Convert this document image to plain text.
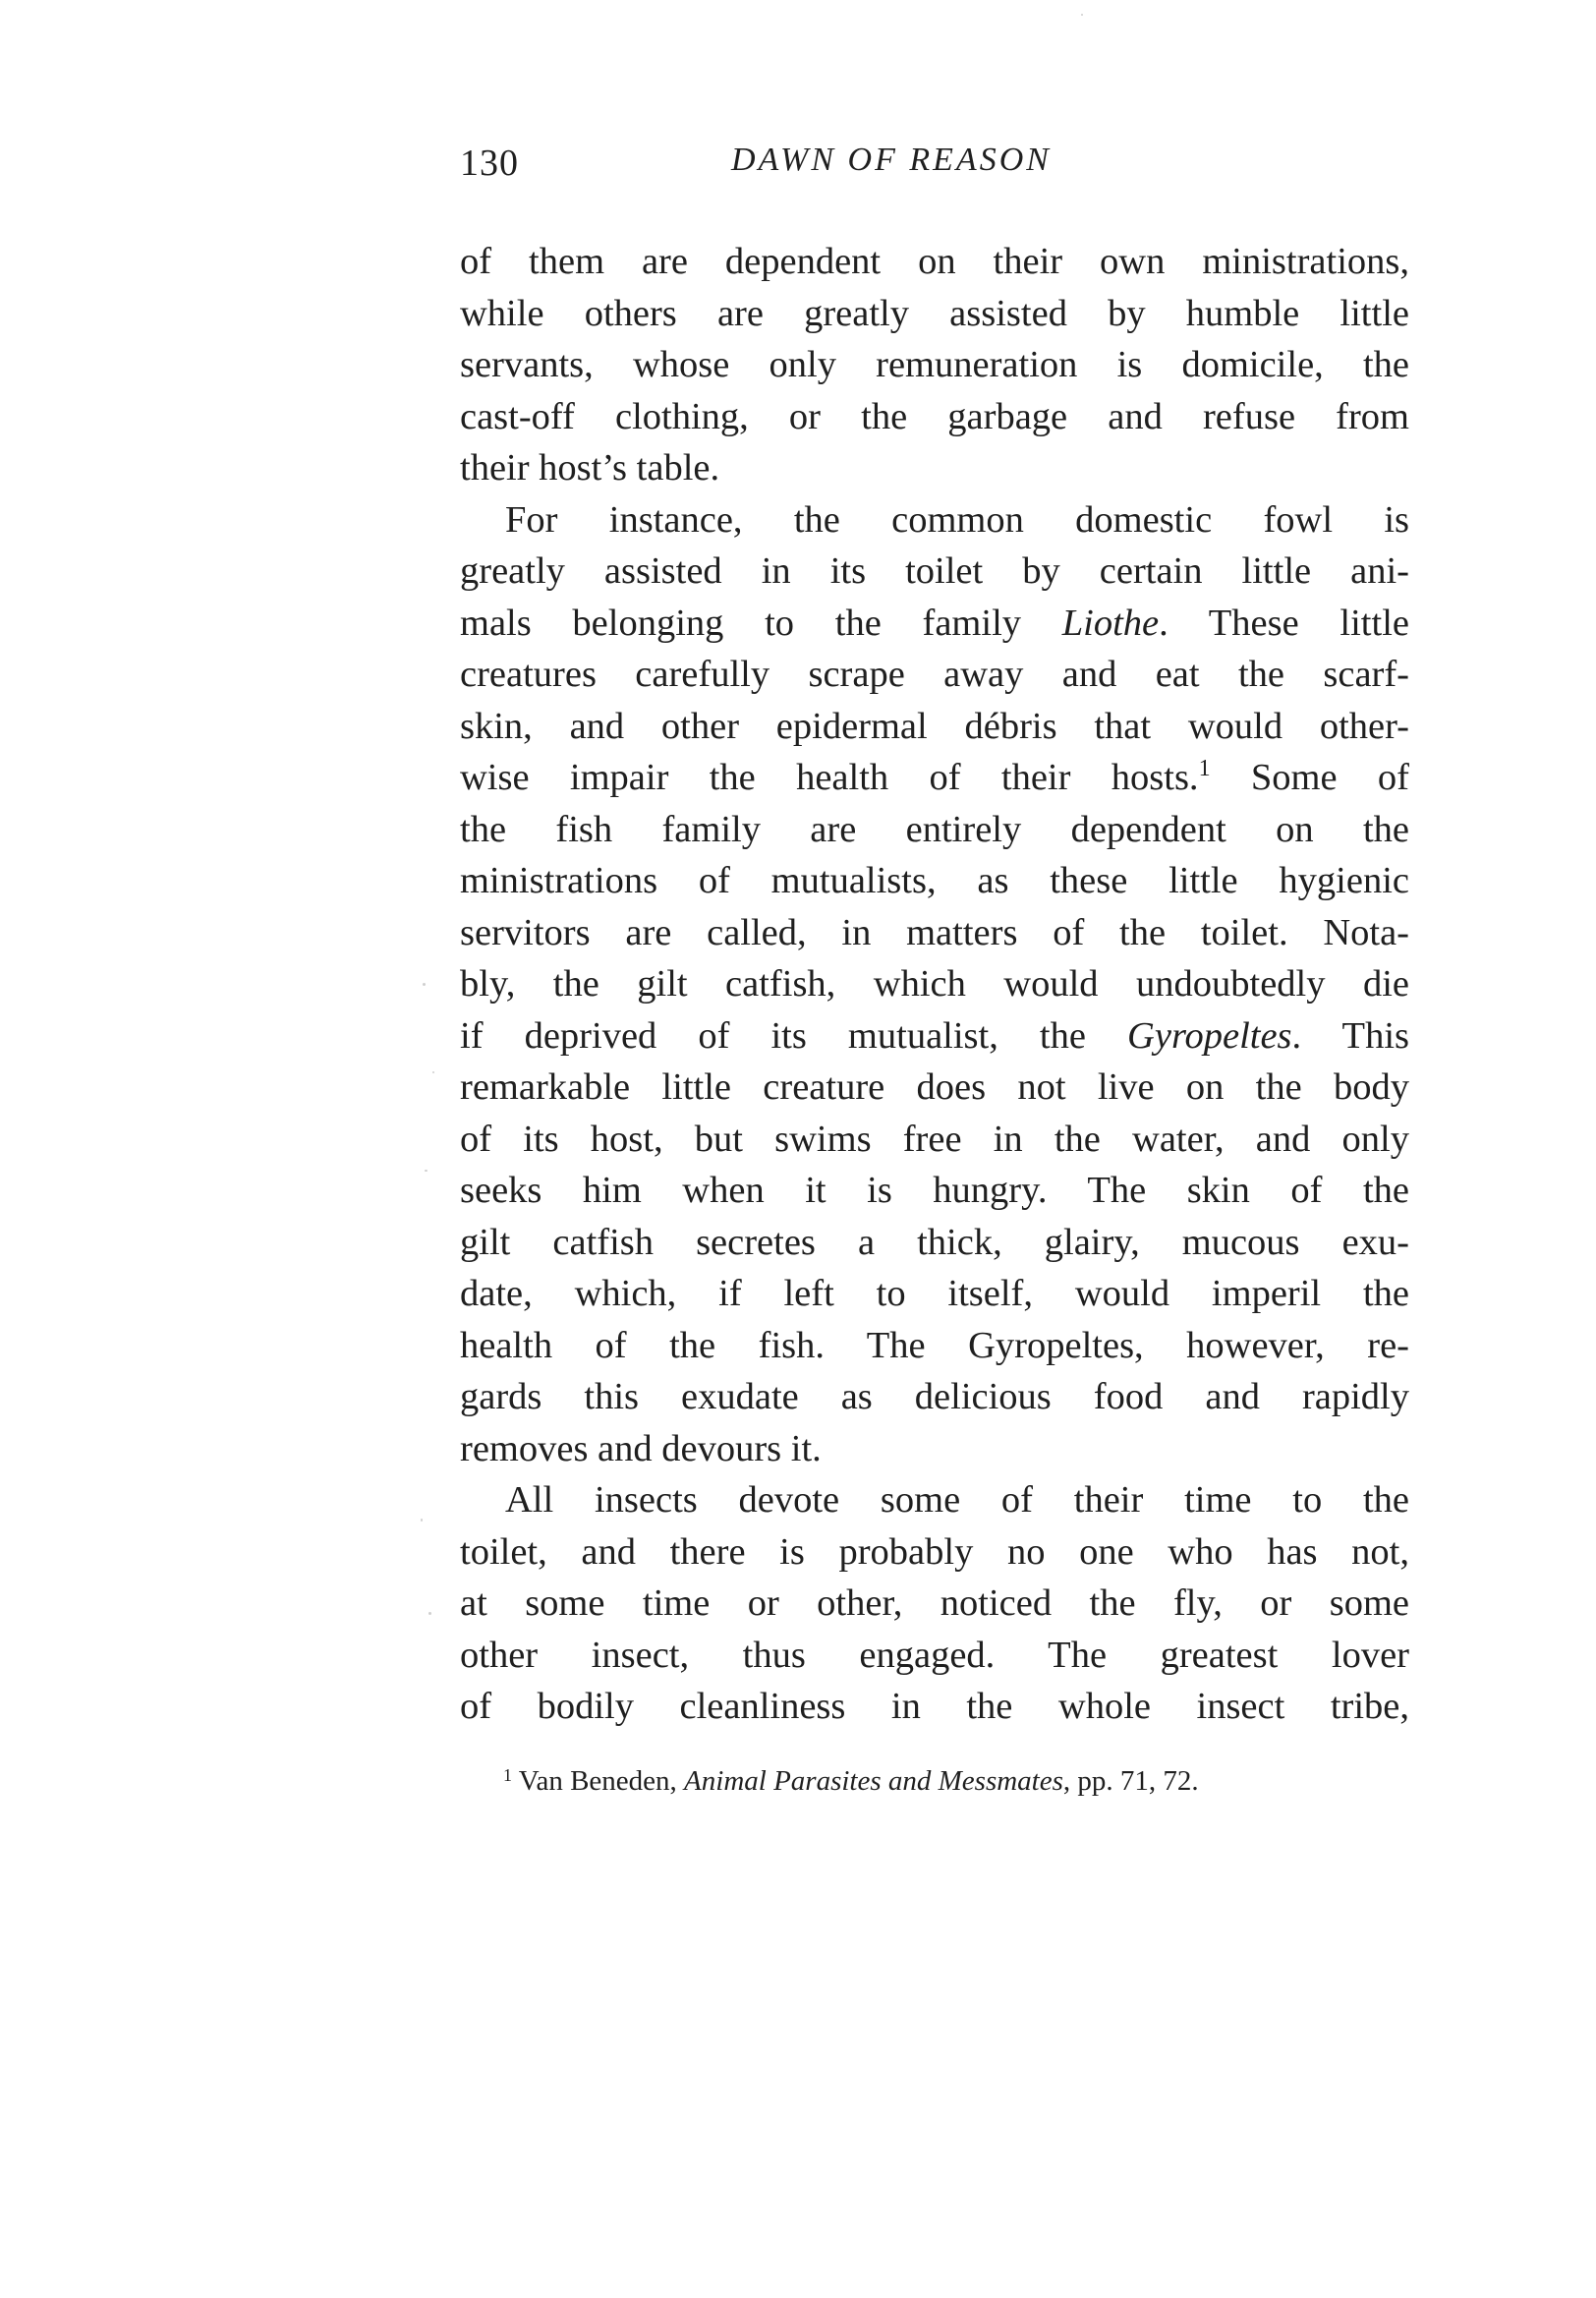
130	DAWN OF REASON
of them are dependent on their own ministrations,
while others are greatly assisted by humble little
servants, whose only remuneration is domicile, the
cast-off clothing, or the garbage and refuse from
their host’s table.
For instance, the common domestic fowl is
greatly assisted in its toilet by certain little ani-
mals belonging to the family Liothe. These little
creatures carefully scrape away and eat the scarf-
skin, and other epidermal débris that would other-
wise impair the health of their hosts.$^1$ Some of
the fish family are entirely dependent on the
ministrations of mutualists, as these little hygienic
servitors are called, in matters of the toilet. Nota-
bly, the gilt catfish, which would undoubtedly die
if deprived of its mutualist, the Gyropeltes. This
remarkable little creature does not live on the body
of its host, but swims free in the water, and only
seeks him when it is hungry. The skin of the
gilt catfish secretes a thick, glairy, mucous exu-
date, which, if left to itself, would imperil the
health of the fish. The Gyropeltes, however, re-
gards this exudate as delicious food and rapidly
removes and devours it.
All insects devote some of their time to the
toilet, and there is probably no one who has not,
at some time or other, noticed the fly, or some
other insect, thus engaged. The greatest lover
of bodily cleanliness in the whole insect tribe,
$^1$ Van Beneden, Animal Parasites and Messmates, pp. 71, 72.
